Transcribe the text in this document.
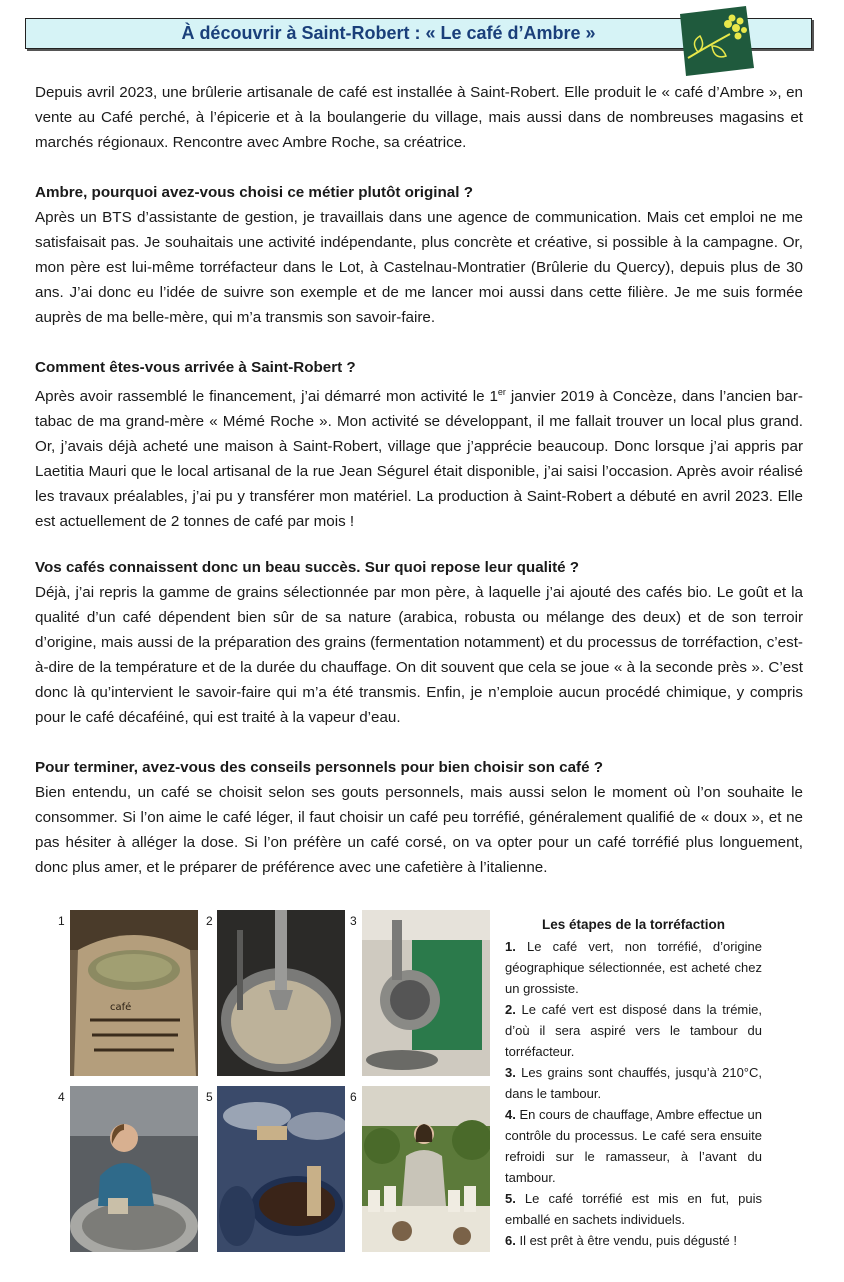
À découvrir à Saint-Robert : « Le café d’Ambre »

Depuis avril 2023, une brûlerie artisanale de café est installée à Saint-Robert. Elle produit le « café d’Ambre », en vente au Café perché, à l’épicerie et à la boulangerie du village, mais aussi dans de nombreuses magasins et marchés régionaux. Rencontre avec Ambre Roche, sa créatrice.

Ambre, pourquoi avez-vous choisi ce métier plutôt original ?

Après un BTS d’assistante de gestion, je travaillais dans une agence de communication. Mais cet emploi ne me satisfaisait pas. Je souhaitais une activité indépendante, plus concrète et créative, si possible à la campagne. Or, mon père est lui-même torréfacteur dans le Lot, à Castelnau-Montratier (Brûlerie du Quercy), depuis plus de 30 ans. J’ai donc eu l’idée de suivre son exemple et de me lancer moi aussi dans cette filière. Je me suis formée auprès de ma belle-mère, qui m’a transmis son savoir-faire.

Comment êtes-vous arrivée à Saint-Robert ?

Après avoir rassemblé le financement, j’ai démarré mon activité le 1er janvier 2019 à Concèze, dans l’ancien bar-tabac de ma grand-mère « Mémé Roche ». Mon activité se développant, il me fallait trouver un local plus grand. Or, j’avais déjà acheté une maison à Saint-Robert, village que j’apprécie beaucoup. Donc lorsque j’ai appris par Laetitia Mauri que le local artisanal de la rue Jean Ségurel était disponible, j’ai saisi l’occasion. Après avoir réalisé les travaux préalables, j’ai pu y transférer mon matériel. La production à Saint-Robert a débuté en avril 2023. Elle est actuellement de 2 tonnes de café par mois !

Vos cafés connaissent donc un beau succès. Sur quoi repose leur qualité ?

Déjà, j’ai repris la gamme de grains sélectionnée par mon père, à laquelle j’ai ajouté des cafés bio. Le goût et la qualité d’un café dépendent bien sûr de sa nature (arabica, robusta ou mélange des deux) et de son terroir d’origine, mais aussi de la préparation des grains (fermentation notamment) et du processus de torréfaction, c’est-à-dire de la température et de la durée du chauffage. On dit souvent que cela se joue « à la seconde près ». C’est donc là qu’intervient le savoir-faire qui m’a été transmis. Enfin, je n’emploie aucun procédé chimique, y compris pour le café décaféiné, qui est traité à la vapeur d’eau.

Pour terminer, avez-vous des conseils personnels pour bien choisir son café ?

Bien entendu, un café se choisit selon ses gouts personnels, mais aussi selon le moment où l’on souhaite le consommer. Si l’on aime le café léger, il faut choisir un café peu torréfié, généralement qualifié de « doux », et ne pas hésiter à alléger la dose. Si l’on préfère un café corsé, on va opter pour un café torréfié plus longuement, donc plus amer, et le préparer de préférence avec une cafetière à l’italienne.

1	2	3
4	5	6
café
Les étapes de la torréfaction

1. Le café vert, non torréfié, d’origine géographique sélectionnée, est acheté chez un grossiste.

2. Le café vert est disposé dans la trémie, d’où il sera aspiré vers le tambour du torréfacteur.

3. Les grains sont chauffés, jusqu’à 210°C, dans le tambour.

4. En cours de chauffage, Ambre effectue un contrôle du processus. Le café sera ensuite refroidi sur le ramasseur, à l’avant du tambour.

5. Le café torréfié est mis en fut, puis emballé en sachets individuels.

6. Il est prêt à être vendu, puis dégusté !
